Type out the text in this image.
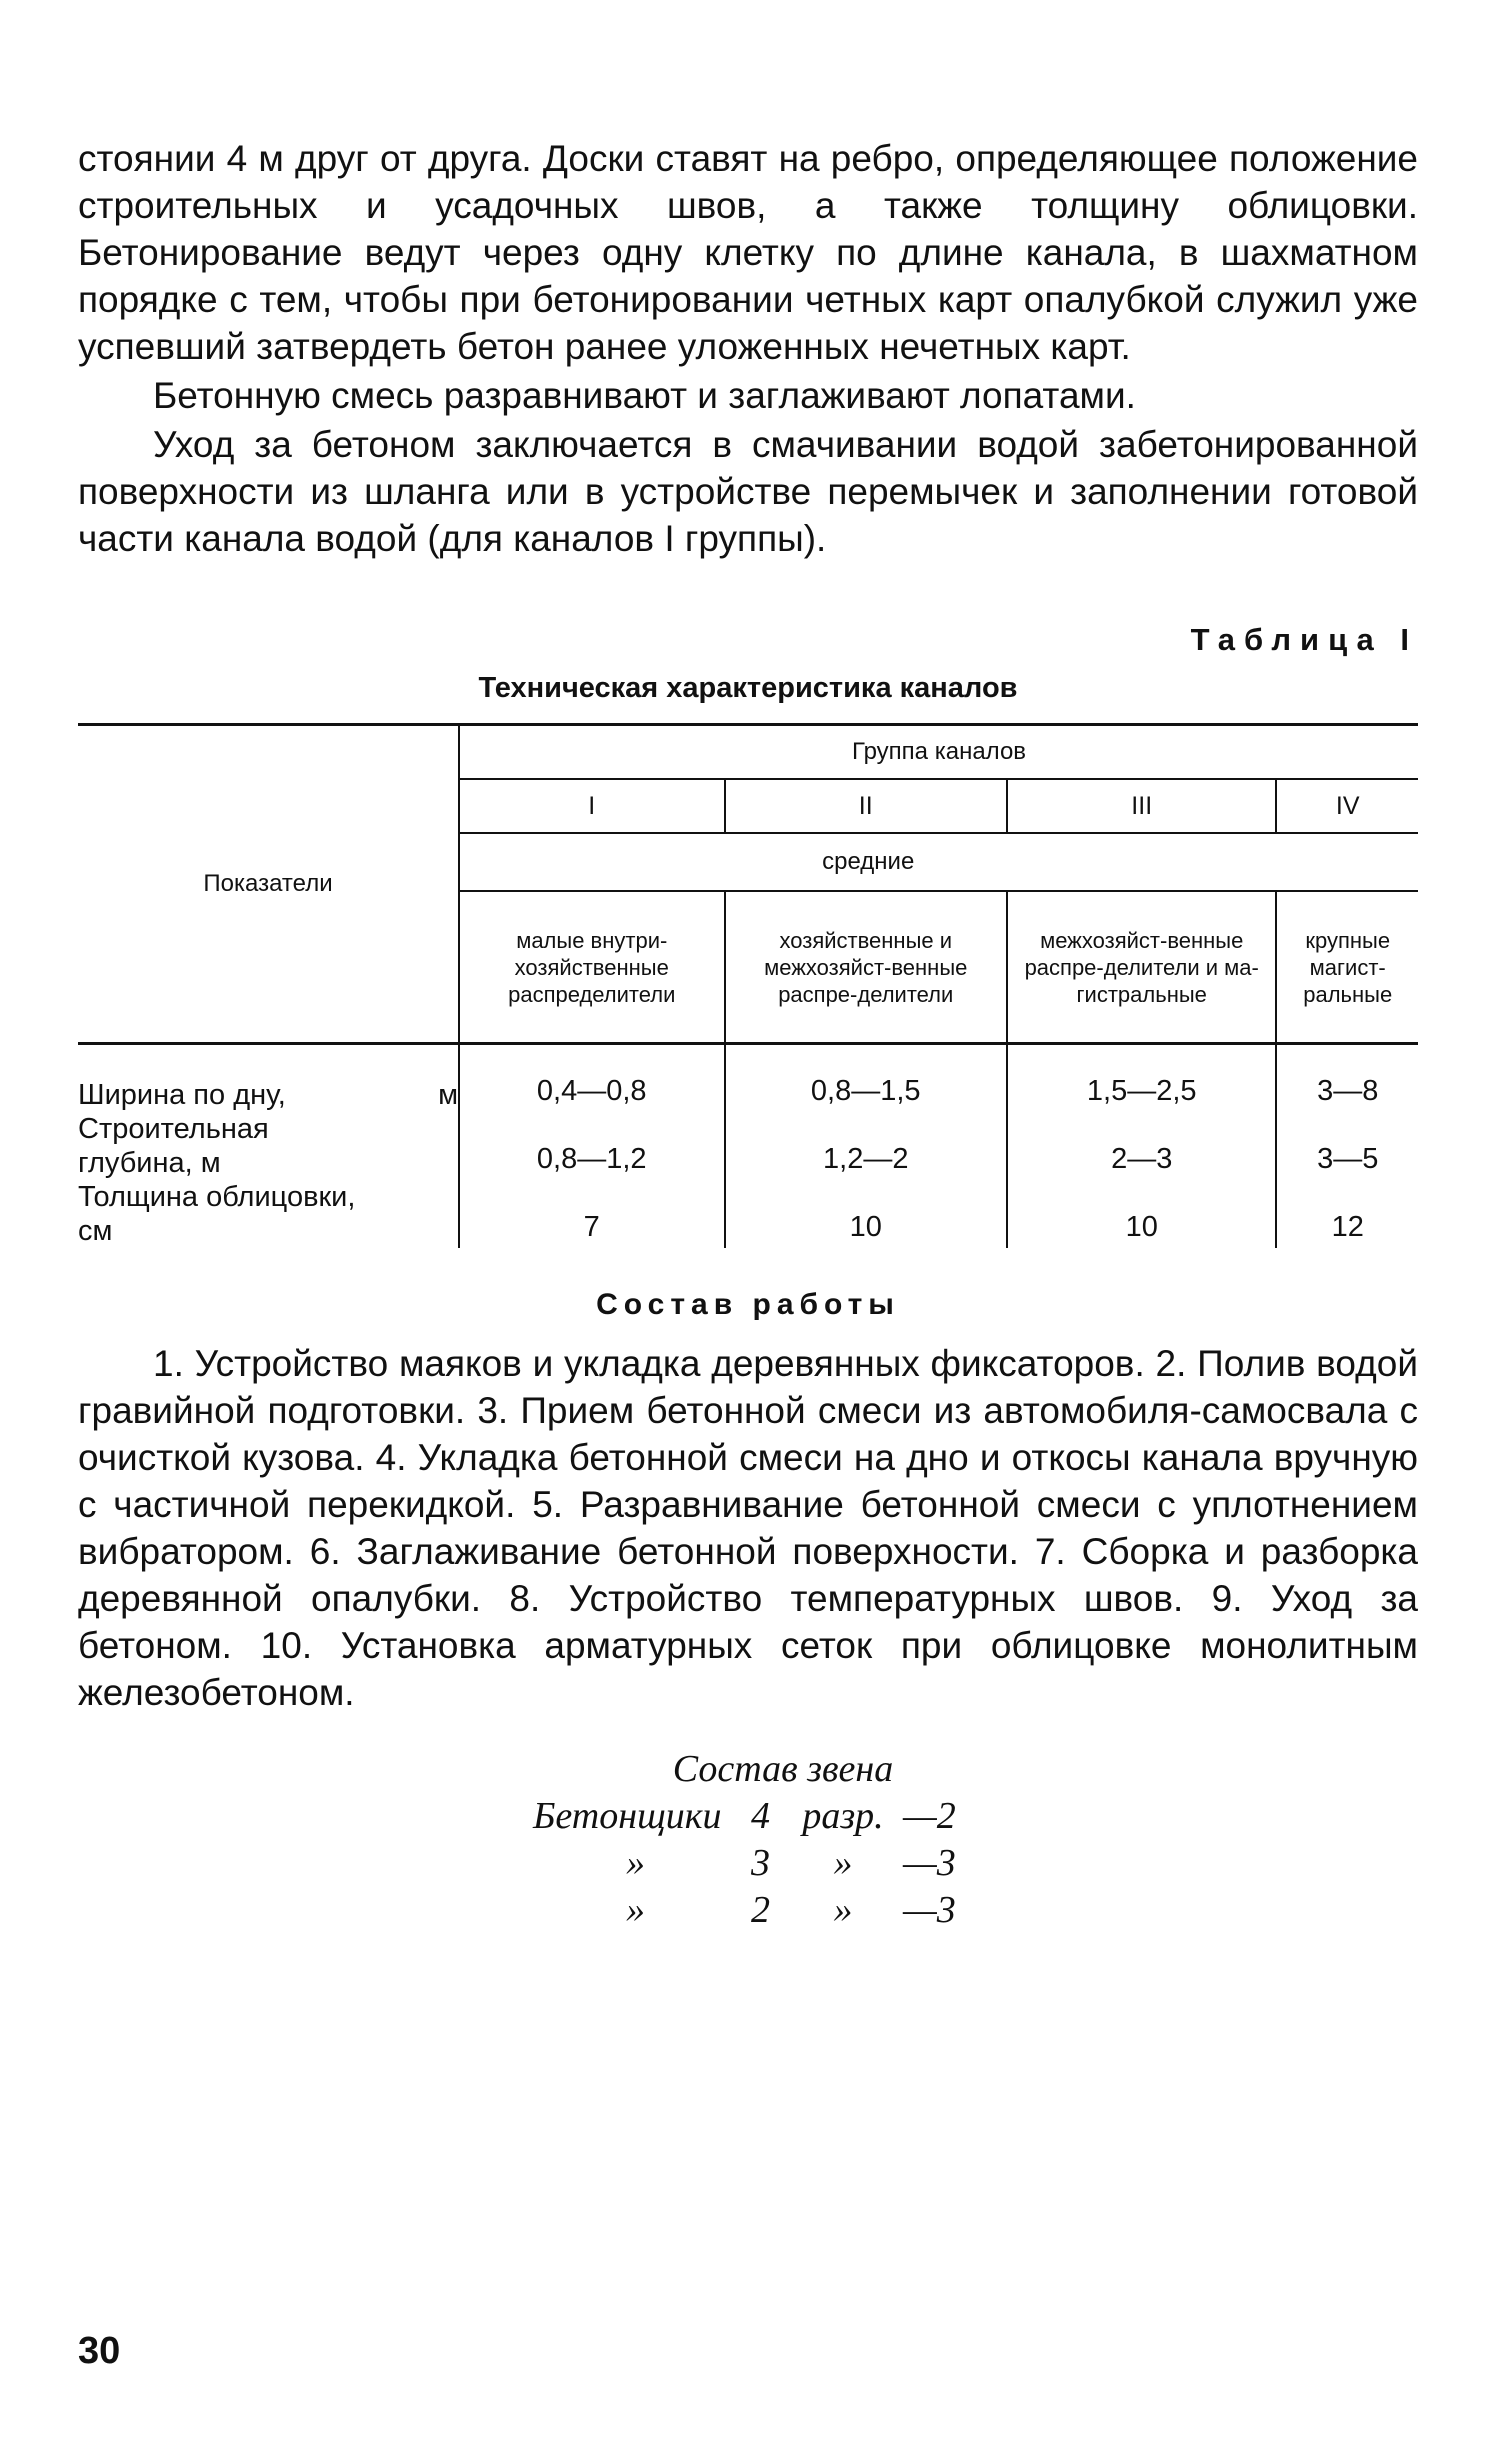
стоянии 4 м друг от друга. Доски ставят на ребро, определяющее положение строительных и усадочных швов, а также толщину облицовки. Бетонирование ведут через одну клетку по длине канала, в шахматном порядке с тем, чтобы при бетонировании четных карт опалубкой служил уже успевший затвердеть бетон ранее уложенных нечетных карт.

Бетонную смесь разравнивают и заглаживают лопатами.

Уход за бетоном заключается в смачивании водой забетонированной поверхности из шланга или в устройстве перемычек и заполнении готовой части канала водой (для каналов I группы).

Таблица I
Техническая характеристика каналов
Показатели	Группа каналов			
	I	II	III	IV
	средние			
	малые внутри-хозяйственные распределители	хозяйственные и межхозяйст-венные распре-делители	межхозяйст-венные распре-делители и ма-гистральные	крупные магист-ральные

Ширина по дну, м	0,4—0,8	0,8—1,5	1,5—2,5	3—8

Строительная
глубина, м	0,8—1,2	1,2—2	2—3	3—5

Толщина облицовки,
см	7	10	10	12
Состав работы

1. Устройство маяков и укладка деревянных фиксаторов. 2. Полив водой гравийной подготовки. 3. Прием бетонной смеси из автомобиля-самосвала с очисткой кузова. 4. Укладка бетонной смеси на дно и откосы канала вручную с частичной перекидкой. 5. Разравнивание бетонной смеси с уплотнением вибратором. 6. Заглаживание бетонной поверхности. 7. Сборка и разборка деревянной опалубки. 8. Устройство температурных швов. 9. Уход за бетоном. 10. Установка арматурных сеток при облицовке монолитным железобетоном.

Состав звена
Бетонщики 4 разр. —2
»	3	»	—3
»	2	»	—3
30
